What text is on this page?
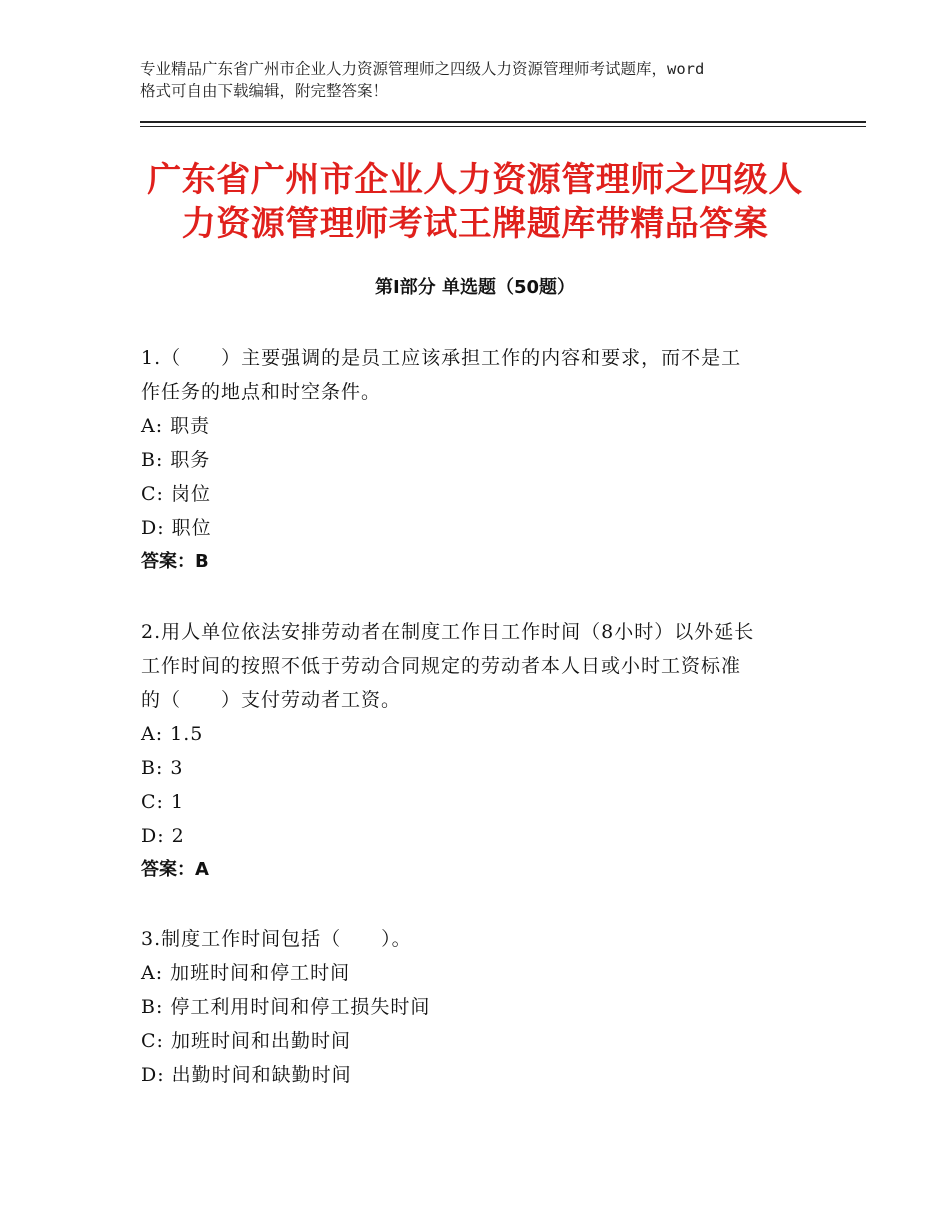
专业精品广东省广州市企业人力资源管理师之四级人力资源管理师考试题库，word
格式可自由下载编辑，附完整答案！
广东省广州市企业人力资源管理师之四级人
力资源管理师考试王牌题库带精品答案
第Ⅰ部分 单选题（50题）
1.（　　）主要强调的是员工应该承担工作的内容和要求，而不是工
作任务的地点和时空条件。
A: 职责
B: 职务
C: 岗位
D: 职位
答案：B
2.用人单位依法安排劳动者在制度工作日工作时间（8小时）以外延长
工作时间的按照不低于劳动合同规定的劳动者本人日或小时工资标准
的（　　）支付劳动者工资。
A: 1.5
B: 3
C: 1
D: 2
答案：A
3.制度工作时间包括（　　）。
A: 加班时间和停工时间
B: 停工利用时间和停工损失时间
C: 加班时间和出勤时间
D: 出勤时间和缺勤时间
